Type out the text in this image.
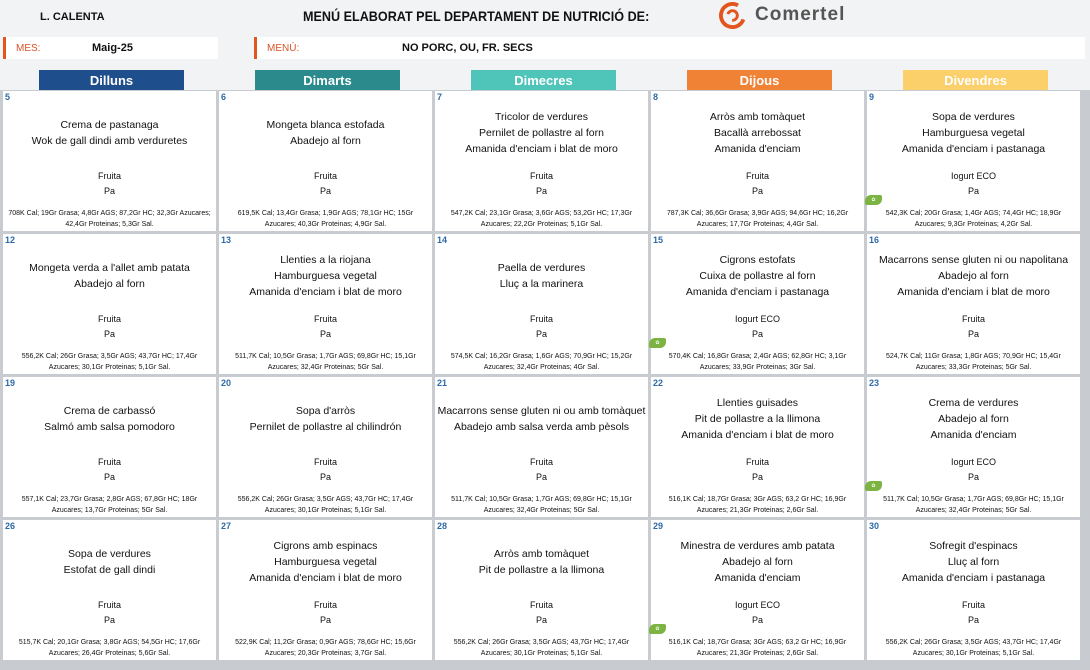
L. CALENTA	MENÚ ELABORAT PEL DEPARTAMENT DE NUTRICIÓ DE:	Comertel
MES:	Maig-25	MENÚ:	NO PORC, OU, FR. SECS
Dilluns	Dimarts	Dimecres	Dijous	Divendres
5
Crema de pastanaga
Wok de gall dindi amb verduretes
Fruita
Pa
708K Cal; 19Gr Grasa; 4,8Gr AGS; 87,2Gr HC; 32,3Gr Azucares;
42,4Gr Proteinas; 5,3Gr Sal.
6
Mongeta blanca estofada
Abadejo al forn
Fruita
Pa
619,5K Cal; 13,4Gr Grasa; 1,9Gr AGS; 78,1Gr HC; 15Gr
Azucares; 40,3Gr Proteinas; 4,9Gr Sal.
7
Tricolor de verdures
Pernilet de pollastre al forn
Amanida d'enciam i blat de moro
Fruita
Pa
547,2K Cal; 23,1Gr Grasa; 3,6Gr AGS; 53,2Gr HC; 17,3Gr
Azucares; 22,2Gr Proteinas; 5,1Gr Sal.
8
Arròs amb tomàquet
Bacallà arrebossat
Amanida d'enciam
Fruita
Pa
787,3K Cal; 36,6Gr Grasa; 3,9Gr AGS; 94,6Gr HC; 16,2Gr
Azucares; 17,7Gr Proteinas; 4,4Gr Sal.
9
Sopa de verdures
Hamburguesa vegetal
Amanida d'enciam i pastanaga
Iogurt ECO
Pa
542,3K Cal; 20Gr Grasa; 1,4Gr AGS; 74,4Gr HC; 18,9Gr
Azucares; 9,3Gr Proteinas; 4,2Gr Sal.
✿
12
Mongeta verda a l'allet amb patata
Abadejo al forn
Fruita
Pa
556,2K Cal; 26Gr Grasa; 3,5Gr AGS; 43,7Gr HC; 17,4Gr
Azucares; 30,1Gr Proteinas; 5,1Gr Sal.
13
Llenties a la riojana
Hamburguesa vegetal
Amanida d'enciam i blat de moro
Fruita
Pa
511,7K Cal; 10,5Gr Grasa; 1,7Gr AGS; 69,8Gr HC; 15,1Gr
Azucares; 32,4Gr Proteinas; 5Gr Sal.
14
Paella de verdures
Lluç a la marinera
Fruita
Pa
574,5K Cal; 16,2Gr Grasa; 1,6Gr AGS; 70,9Gr HC; 15,2Gr
Azucares; 32,4Gr Proteinas; 4Gr Sal.
15
Cigrons estofats
Cuixa de pollastre al forn
Amanida d'enciam i pastanaga
Iogurt ECO
Pa
570,4K Cal; 16,8Gr Grasa; 2,4Gr AGS; 62,8Gr HC; 3,1Gr
Azucares; 33,9Gr Proteinas; 3Gr Sal.
✿
16
Macarrons sense gluten ni ou napolitana
Abadejo al forn
Amanida d'enciam i blat de moro
Fruita
Pa
524,7K Cal; 11Gr Grasa; 1,8Gr AGS; 70,9Gr HC; 15,4Gr
Azucares; 33,3Gr Proteinas; 5Gr Sal.
19
Crema de carbassó
Salmó amb salsa pomodoro
Fruita
Pa
557,1K Cal; 23,7Gr Grasa; 2,8Gr AGS; 67,8Gr HC; 18Gr
Azucares; 13,7Gr Proteinas; 5Gr Sal.
20
Sopa d'arròs
Pernilet de pollastre al chilindrón
Fruita
Pa
556,2K Cal; 26Gr Grasa; 3,5Gr AGS; 43,7Gr HC; 17,4Gr
Azucares; 30,1Gr Proteinas; 5,1Gr Sal.
21
Macarrons sense gluten ni ou amb tomàquet
Abadejo amb salsa verda amb pèsols
Fruita
Pa
511,7K Cal; 10,5Gr Grasa; 1,7Gr AGS; 69,8Gr HC; 15,1Gr
Azucares; 32,4Gr Proteinas; 5Gr Sal.
22
Llenties guisades
Pit de pollastre a la llimona
Amanida d'enciam i blat de moro
Fruita
Pa
516,1K Cal; 18,7Gr Grasa; 3Gr AGS; 63,2 Gr HC; 16,9Gr
Azucares; 21,3Gr Proteinas; 2,6Gr Sal.
23
Crema de verdures
Abadejo al forn
Amanida d'enciam
Iogurt ECO
Pa
511,7K Cal; 10,5Gr Grasa; 1,7Gr AGS; 69,8Gr HC; 15,1Gr
Azucares; 32,4Gr Proteinas; 5Gr Sal.
✿
26
Sopa de verdures
Estofat de gall dindi
Fruita
Pa
515,7K Cal; 20,1Gr Grasa; 3,8Gr AGS; 54,5Gr HC; 17,6Gr
Azucares; 26,4Gr Proteinas; 5,6Gr Sal.
27
Cigrons amb espinacs
Hamburguesa vegetal
Amanida d'enciam i blat de moro
Fruita
Pa
522,9K Cal; 11,2Gr Grasa; 0,9Gr AGS; 78,6Gr HC; 15,6Gr
Azucares; 20,3Gr Proteinas; 3,7Gr Sal.
28
Arròs amb tomàquet
Pit de pollastre a la llimona
Fruita
Pa
556,2K Cal; 26Gr Grasa; 3,5Gr AGS; 43,7Gr HC; 17,4Gr
Azucares; 30,1Gr Proteinas; 5,1Gr Sal.
29
Minestra de verdures amb patata
Abadejo al forn
Amanida d'enciam
Iogurt ECO
Pa
516,1K Cal; 18,7Gr Grasa; 3Gr AGS; 63,2 Gr HC; 16,9Gr
Azucares; 21,3Gr Proteinas; 2,6Gr Sal.
✿
30
Sofregit d'espinacs
Lluç al forn
Amanida d'enciam i pastanaga
Fruita
Pa
556,2K Cal; 26Gr Grasa; 3,5Gr AGS; 43,7Gr HC; 17,4Gr
Azucares; 30,1Gr Proteinas; 5,1Gr Sal.
